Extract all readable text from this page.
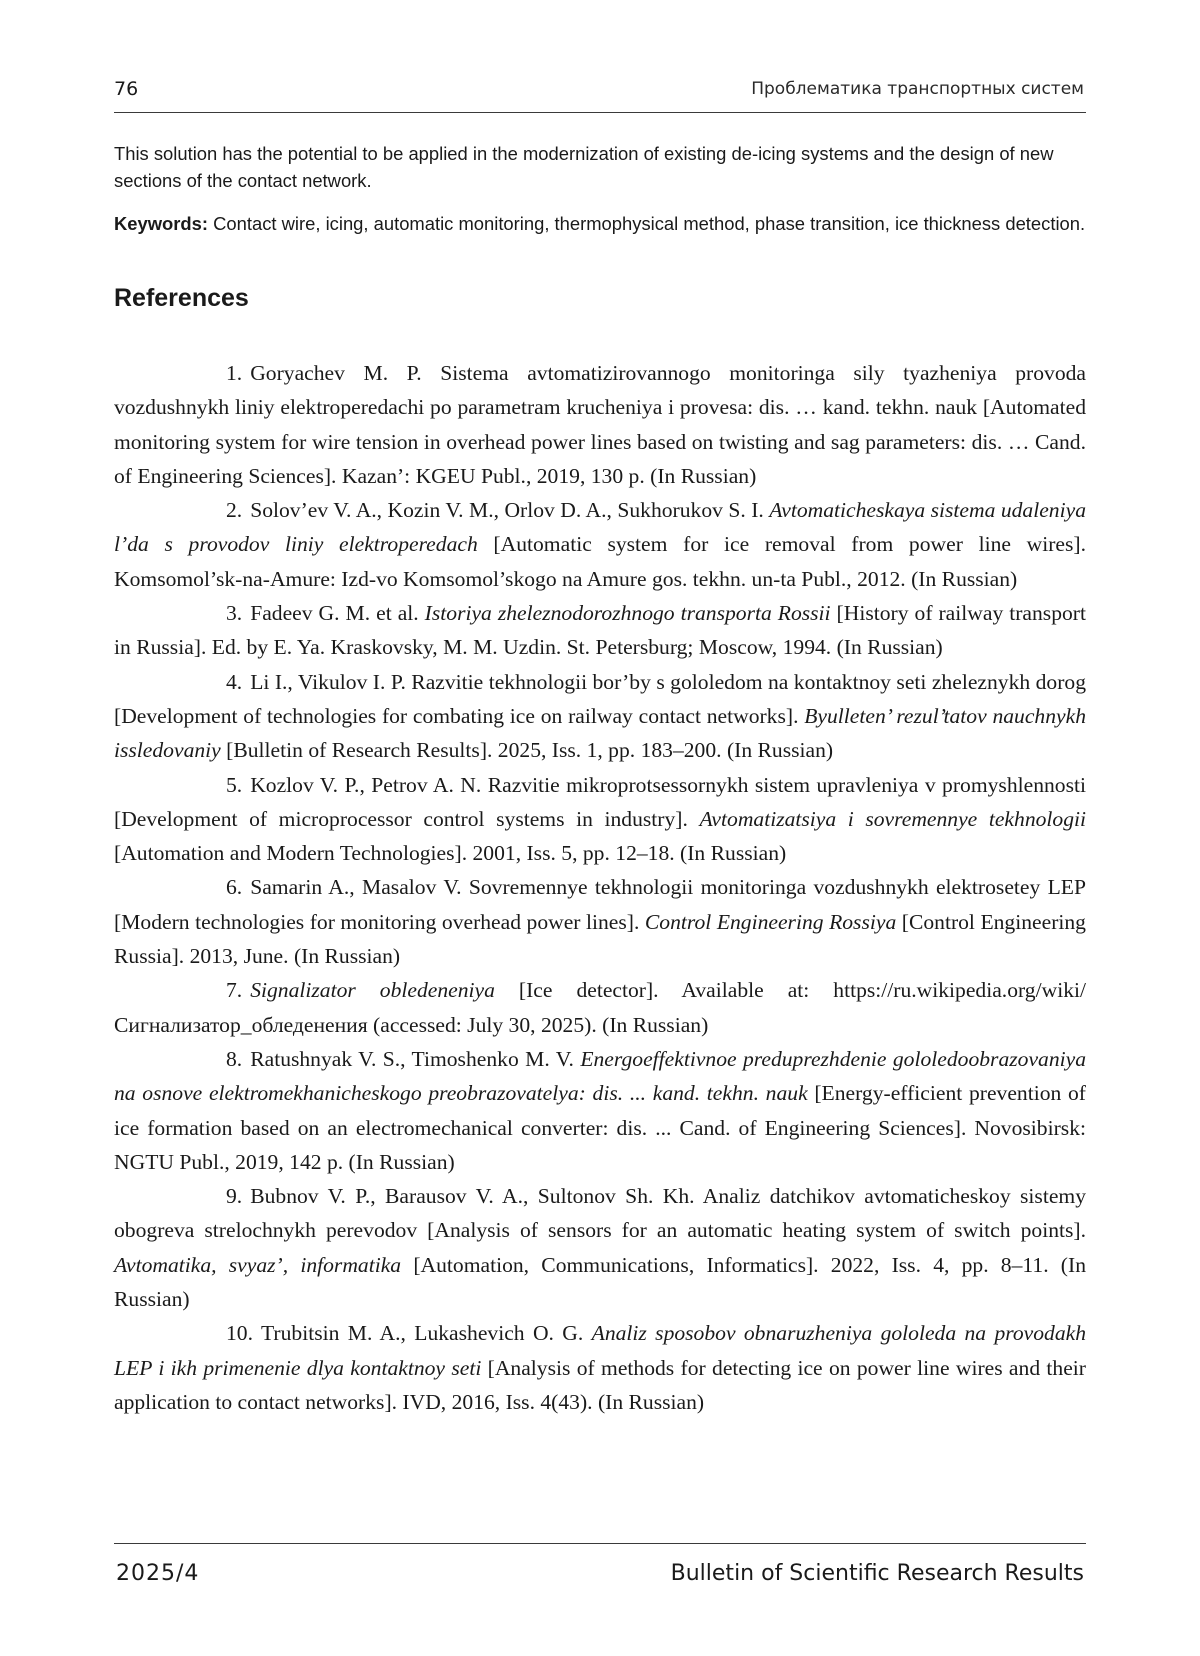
76	Проблематика транспортных систем

This solution has the potential to be applied in the modernization of existing de-icing systems and the design of new sections of the contact network.

Keywords: Contact wire, icing, automatic monitoring, thermophysical method, phase transition, ice thickness detection.

References
1. Goryachev M. P. Sistema avtomatizirovannogo monitoringa sily tyazheniya provoda vozdushnykh liniy elektroperedachi po parametram krucheniya i provesa: dis. … kand. tekhn. nauk [Automated monitoring system for wire tension in overhead power lines based on twisting and sag parameters: dis. … Cand. of Engineering Sciences]. Kazan’: KGEU Publ., 2019, 130 p. (In Russian)
2. Solov’ev V. A., Kozin V. M., Orlov D. A., Sukhorukov S. I. Avtomaticheskaya sistema udaleniya l’da s provodov liniy elektroperedach [Automatic system for ice removal from power line wires]. Komsomol’sk-na-Amure: Izd-vo Komsomol’skogo na Amure gos. tekhn. un-ta Publ., 2012. (In Russian)
3. Fadeev G. M. et al. Istoriya zheleznodorozhnogo transporta Rossii [History of railway transport in Russia]. Ed. by E. Ya. Kraskovsky, M. M. Uzdin. St. Petersburg; Moscow, 1994. (In Russian)
4. Li I., Vikulov I. P. Razvitie tekhnologii bor’by s gololedom na kontaktnoy seti zheleznykh dorog [Development of technologies for combating ice on railway contact networks]. Byulleten’ rezul’tatov nauchnykh issledovaniy [Bulletin of Research Results]. 2025, Iss. 1, pp. 183–200. (In Russian)
5. Kozlov V. P., Petrov A. N. Razvitie mikroprotsessornykh sistem upravleniya v promyshlennosti [Development of microprocessor control systems in industry]. Avtomatizatsiya i sovremennye tekhnologii [Automation and Modern Technologies]. 2001, Iss. 5, pp. 12–18. (In Russian)
6. Samarin A., Masalov V. Sovremennye tekhnologii monitoringa vozdushnykh elektrosetey LEP [Modern technologies for monitoring overhead power lines]. Control Engineering Rossiya [Control Engineering Russia]. 2013, June. (In Russian)
7. Signalizator obledeneniya [Ice detector]. Available at: https://ru.wikipedia.org/wiki/Сигнализатор_обледенения (accessed: July 30, 2025). (In Russian)
8. Ratushnyak V. S., Timoshenko M. V. Energoeffektivnoe preduprezhdenie gololedoobrazovaniya na osnove elektromekhanicheskogo preobrazovatelya: dis. ... kand. tekhn. nauk [Energy-efficient prevention of ice formation based on an electromechanical converter: dis. ... Cand. of Engineering Sciences]. Novosibirsk: NGTU Publ., 2019, 142 p. (In Russian)
9. Bubnov V. P., Barausov V. A., Sultonov Sh. Kh. Analiz datchikov avtomaticheskoy sistemy obogreva strelochnykh perevodov [Analysis of sensors for an automatic heating system of switch points]. Avtomatika, svyaz’, informatika [Automation, Communications, Informatics]. 2022, Iss. 4, pp. 8–11. (In Russian)
10. Trubitsin M. A., Lukashevich O. G. Analiz sposobov obnaruzheniya gololeda na provodakh LEP i ikh primenenie dlya kontaktnoy seti [Analysis of methods for detecting ice on power line wires and their application to contact networks]. IVD, 2016, Iss. 4(43). (In Russian)
2025/4	Bulletin of Scientific Research Results
